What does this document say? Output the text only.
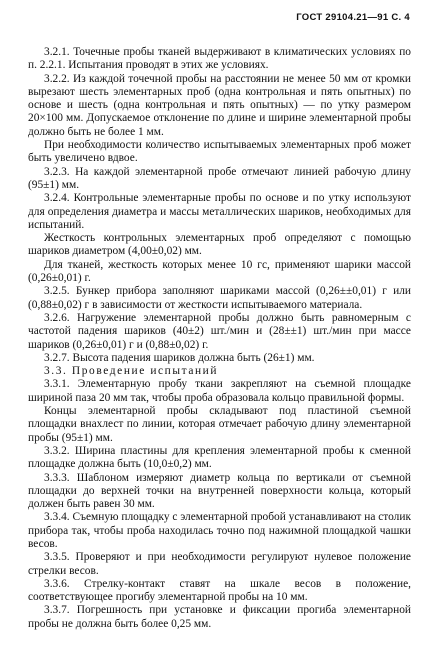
ГОСТ 29104.21—91 С. 4

3.2.1. Точечные пробы тканей выдерживают в климатических условиях по п. 2.2.1. Испытания проводят в этих же условиях.

3.2.2. Из каждой точечной пробы на расстоянии не менее 50 мм от кромки вырезают шесть элементарных проб (одна контрольная и пять опытных) по основе и шесть (одна контрольная и пять опытных) — по утку размером 20×100 мм. Допускаемое отклонение по длине и ширине элементарной пробы должно быть не более 1 мм.

При необходимости количество испытываемых элементарных проб может быть увеличено вдвое.

3.2.3. На каждой элементарной пробе отмечают линией рабочую длину (95±1) мм.

3.2.4. Контрольные элементарные пробы по основе и по утку используют для определения диаметра и массы металлических шариков, необходимых для испытаний.

Жесткость контрольных элементарных проб определяют с помощью шариков диаметром (4,00±0,02) мм.

Для тканей, жесткость которых менее 10 гс, применяют шарики массой (0,26±0,01) г.

3.2.5. Бункер прибора заполняют шариками массой (0,26±±0,01) г или (0,88±0,02) г в зависимости от жесткости испытываемого материала.

3.2.6. Нагружение элементарной пробы должно быть равномерным с частотой падения шариков (40±2) шт./мин и (28±±1) шт./мин при массе шариков (0,26±0,01) г и (0,88±0,02) г.

3.2.7. Высота падения шариков должна быть (26±1) мм.

3.3. Проведение испытаний

3.3.1. Элементарную пробу ткани закрепляют на съемной площадке шириной паза 20 мм так, чтобы проба образовала кольцо правильной формы.

Концы элементарной пробы складывают под пластиной съемной площадки внахлест по линии, которая отмечает рабочую длину элементарной пробы (95±1) мм.

3.3.2. Ширина пластины для крепления элементарной пробы к сменной площадке должна быть (10,0±0,2) мм.

3.3.3. Шаблоном измеряют диаметр кольца по вертикали от съемной площадки до верхней точки на внутренней поверхности кольца, который должен быть равен 30 мм.

3.3.4. Съемную площадку с элементарной пробой устанавливают на столик прибора так, чтобы проба находилась точно под нажимной площадкой чашки весов.

3.3.5. Проверяют и при необходимости регулируют нулевое положение стрелки весов.

3.3.6. Стрелку-контакт ставят на шкале весов в положение, соответствующее прогибу элементарной пробы на 10 мм.

3.3.7. Погрешность при установке и фиксации прогиба элементарной пробы не должна быть более 0,25 мм.
